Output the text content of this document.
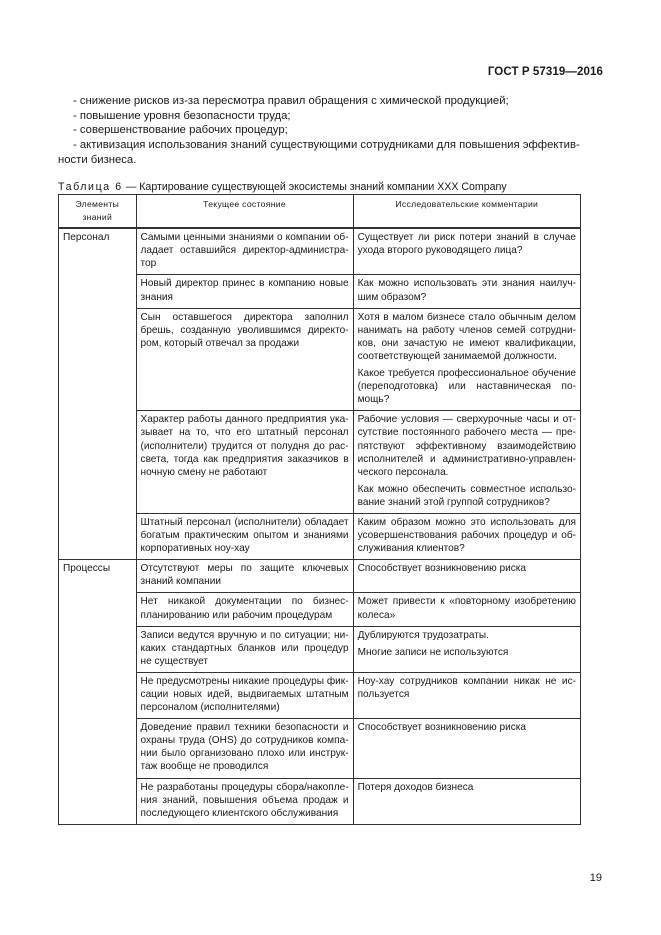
ГОСТ Р 57319—2016
- снижение рисков из-за пересмотра правил обращения с химической продукцией;
- повышение уровня безопасности труда;
- совершенствование рабочих процедур;
- активизация использования знаний существующими сотрудниками для повышения эффективности бизнеса.
Таблица 6 — Картирование существующей экосистемы знаний компании ХХХ Company
Элементы знаний	Текущее состояние	Исследовательские комментарии
Персонал	Самыми ценными знаниями о компании обладает оставшийся директор-администратор	Существует ли риск потери знаний в случае ухода второго руководящего лица?

	Новый директор принес в компанию новые знания	Как можно использовать эти знания наилучшим образом?

	Сын оставшегося директора заполнил брешь, созданную уволившимся директором, который отвечал за продажи	Хотя в малом бизнесе стало обычным делом нанимать на работу членов семей сотрудников, они зачастую не имеют квалификации, соответствующей занимаемой должности.

Какое требуется профессиональное обучение (переподготовка) или наставническая помощь?

	Характер работы данного предприятия указывает на то, что его штатный персонал (исполнители) трудится от полудня до рассвета, тогда как предприятия заказчиков в ночную смену не работают	Рабочие условия — сверхурочные часы и отсутствие постоянного рабочего места — препятствуют эффективному взаимодействию исполнителей и административно-управленческого персонала.

Как можно обеспечить совместное использование знаний этой группой сотрудников?

	Штатный персонал (исполнители) обладает богатым практическим опытом и знаниями корпоративных ноу-хау	Каким образом можно это использовать для усовершенствования рабочих процедур и обслуживания клиентов?

Процессы	Отсутствуют меры по защите ключевых знаний компании	Способствует возникновению риска

	Нет никакой документации по бизнес-планированию или рабочим процедурам	Может привести к «повторному изобретению колеса»

	Записи ведутся вручную и по ситуации; никаких стандартных бланков или процедур не существует	Дублируются трудозатраты.

Многие записи не используются

	Не предусмотрены никакие процедуры фиксации новых идей, выдвигаемых штатным персоналом (исполнителями)	Ноу-хау сотрудников компании никак не используется

	Доведение правил техники безопасности и охраны труда (OHS) до сотрудников компании было организовано плохо или инструктаж вообще не проводился	Способствует возникновению риска

	Не разработаны процедуры сбора/накопления знаний, повышения объема продаж и последующего клиентского обслуживания	Потеря доходов бизнеса

19
